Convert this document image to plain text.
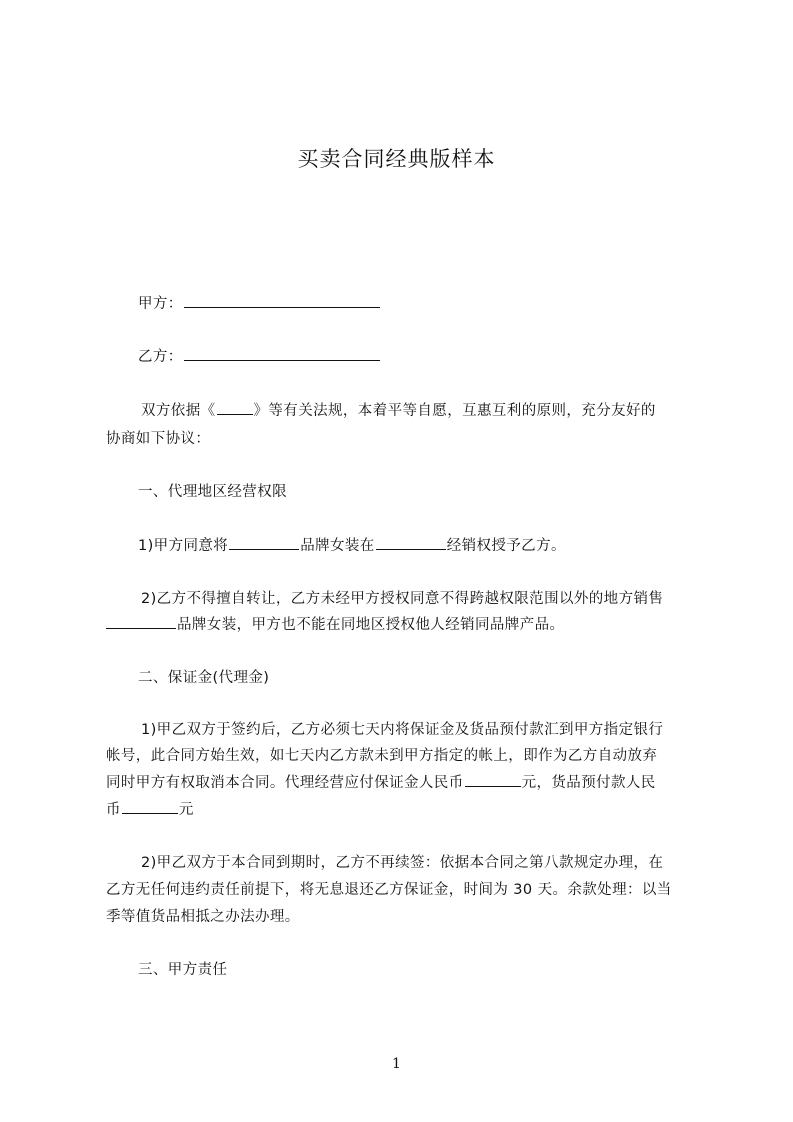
买卖合同经典版样本
甲方：
乙方：
双方依据《	》等有关法规，本着平等自愿，互惠互利的原则，充分友好的
协商如下协议：
一、代理地区经营权限
1)甲方同意将	品牌女装在	经销权授予乙方。
2)乙方不得擅自转让，乙方未经甲方授权同意不得跨越权限范围以外的地方销售
品牌女装，甲方也不能在同地区授权他人经销同品牌产品。
二、保证金(代理金)
1)甲乙双方于签约后，乙方必须七天内将保证金及货品预付款汇到甲方指定银行
帐号，此合同方始生效，如七天内乙方款未到甲方指定的帐上，即作为乙方自动放弃
同时甲方有权取消本合同。代理经营应付保证金人民币	元，货品预付款人民
币	元
2)甲乙双方于本合同到期时，乙方不再续签：依据本合同之第八款规定办理，在
乙方无任何违约责任前提下，将无息退还乙方保证金，时间为 30 天。余款处理：以当
季等值货品相抵之办法办理。
三、甲方责任
1
